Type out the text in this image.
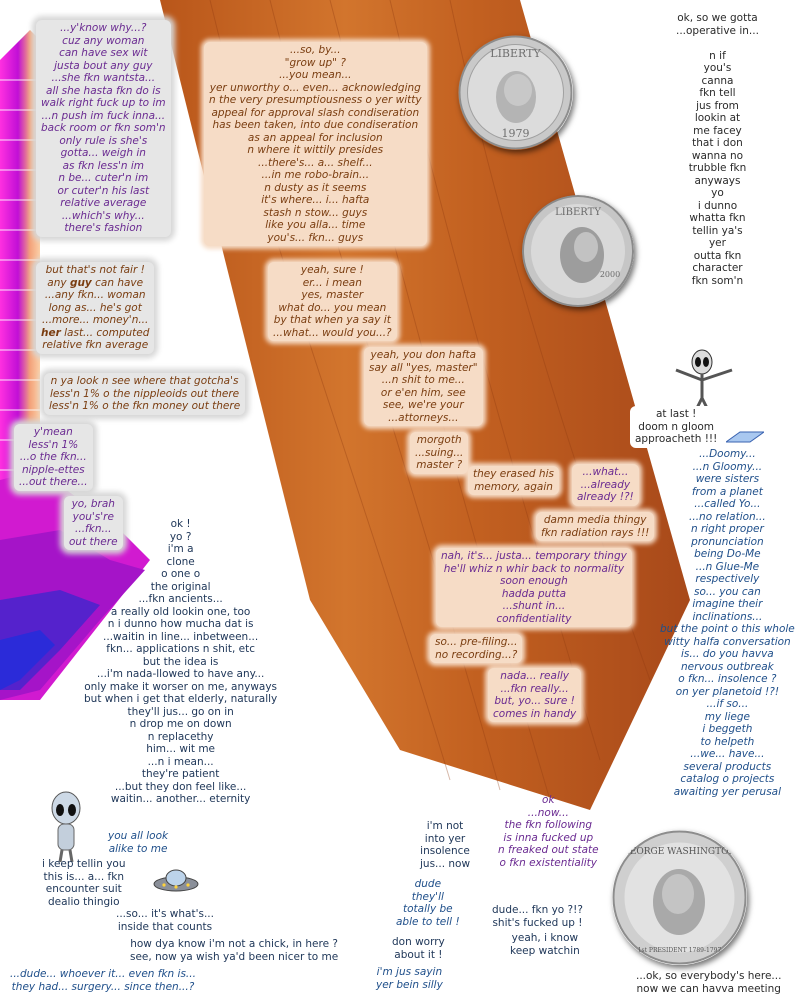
LIBERTY
1979
LIBERTY
2000
GEORGE WASHINGTON
1st PRESIDENT 1789-1797
...y'know why...?
cuz any woman
can have sex wit
justa bout any guy
...she fkn wantsta...
all she hasta fkn do is
walk right fuck up to im
...n push im fuck inna...
back room or fkn som'n
only rule is she's
gotta... weigh in
as fkn less'n im
n be... cuter'n im
or cuter'n his last
relative average
...which's why...
there's fashion
but that's not fair !
any guy can have
...any fkn... woman
long as... he's got
...more... money'n...
her last... computed
relative fkn average
n ya look n see where that gotcha's
less'n 1% o the nippleoids out there
less'n 1% o the fkn money out there
y'mean
less'n 1%
...o the fkn...
nipple-ettes
...out there...
yo, brah
you's're
...fkn...
out there
...so, by...
"grow up" ?
...you mean...
yer unworthy o... even... acknowledging
n the very presumptiousness o yer witty
appeal for approval slash condiseration
has been taken, into due condiseration
as an appeal for inclusion
n where it wittily presides
...there's... a... shelf...
...in me robo-brain...
n dusty as it seems
it's where... i... hafta
stash n stow... guys
like you alla... time
you's... fkn... guys
yeah, sure !
er... i mean
yes, master
what do... you mean
by that when ya say it
...what... would you...?
yeah, you don hafta
say all "yes, master"
...n shit to me...
or e'en him, see
see, we're your
...attorneys...
morgoth
...suing...
master ?
they erased his
memory, again
...what...
...already
already !?!
damn media thingy
fkn radiation rays !!!
nah, it's... justa... temporary thingy
he'll whiz n whir back to normality
soon enough
hadda putta
...shunt in...
confidentiality
so... pre-filing...
no recording...?
nada... really
...fkn really...
but, yo... sure !
comes in handy
ok, so we gotta
...operative in...

n if
you's
canna
fkn tell
jus from
lookin at
me facey
that i don
wanna no
trubble fkn
anyways
yo
i dunno
whatta fkn
tellin ya's
yer
outta fkn
character
fkn som'n
at last !
doom n gloom
approacheth !!!
...Doomy...
...n Gloomy...
were sisters
from a planet
...called Yo...
...no relation...
n right proper
pronunciation
being Do-Me
...n Glue-Me
respectively
so... you can
imagine their
inclinations...
but the point o this whole
witty halfa conversation
is... do you havva
nervous outbreak
o fkn... insolence ?
on yer planetoid !?!
...if so...
my liege
i beggeth
to helpeth
...we... have...
several products
catalog o projects
awaiting yer perusal
...ok, so everybody's here...
now we can havva meeting
ok !
yo ?
i'm a
clone
o one o
the original
...fkn ancients...
a really old lookin one, too
n i dunno how mucha dat is
...waitin in line... inbetween...
fkn... applications n shit, etc
but the idea is
...i'm nada-llowed to have any...
only make it worser on me, anyways
but when i get that elderly, naturally
they'll jus... go on in
n drop me on down
n replacethy
him... wit me
...n i mean...
they're patient
...but they don feel like...
waitin... another... eternity
you all look
alike to me
i keep tellin you
this is... a... fkn
encounter suit
dealio thingio
...so... it's what's...
inside that counts
how dya know i'm not a chick, in here ?
see, now ya wish ya'd been nicer to me
...dude... whoever it... even fkn is...
they had... surgery... since then...?
i'm not
into yer
insolence
jus... now
dude
they'll
totally be
able to tell !
don worry
about it !
i'm jus sayin
yer bein silly
ok
...now...
the fkn following
is inna fucked up
n freaked out state
o fkn existentiality
dude... fkn yo ?!?
shit's fucked up !
yeah, i know
keep watchin
